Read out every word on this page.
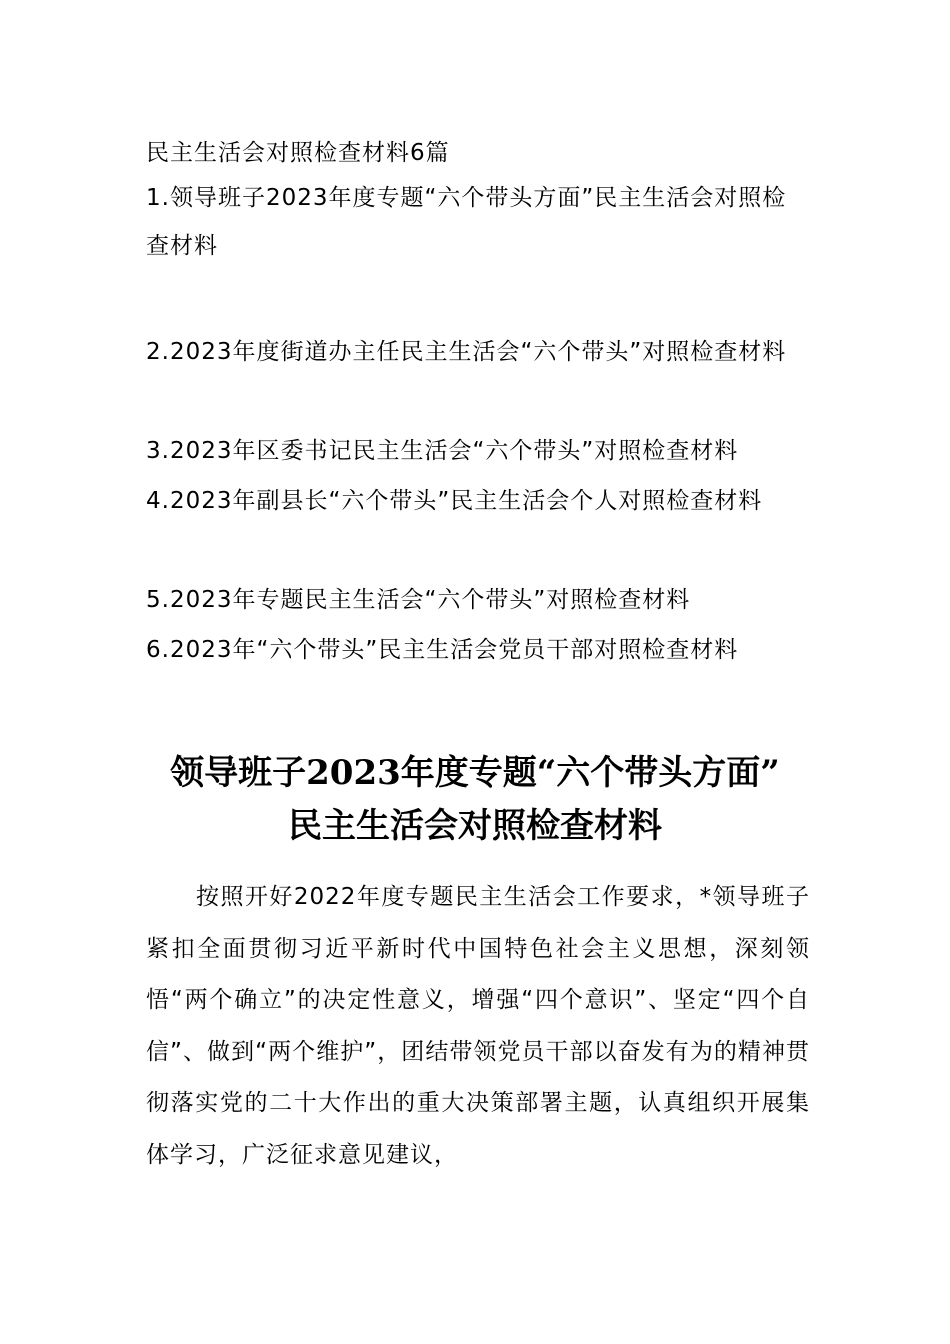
民主生活会对照检查材料6篇
1.领导班子2023年度专题“六个带头方面”民主生活会对照检查材料
2.2023年度街道办主任民主生活会“六个带头”对照检查材料
3.2023年区委书记民主生活会“六个带头”对照检查材料
4.2023年副县长“六个带头”民主生活会个人对照检查材料
5.2023年专题民主生活会“六个带头”对照检查材料
6.2023年“六个带头”民主生活会党员干部对照检查材料
领导班子2023年度专题“六个带头方面”
民主生活会对照检查材料

按照开好2022年度专题民主生活会工作要求，*领导班子紧扣全面贯彻习近平新时代中国特色社会主义思想，深刻领悟“两个确立”的决定性意义，增强“四个意识”、坚定“四个自信”、做到“两个维护”，团结带领党员干部以奋发有为的精神贯彻落实党的二十大作出的重大决策部署主题，认真组织开展集体学习，广泛征求意见建议，
